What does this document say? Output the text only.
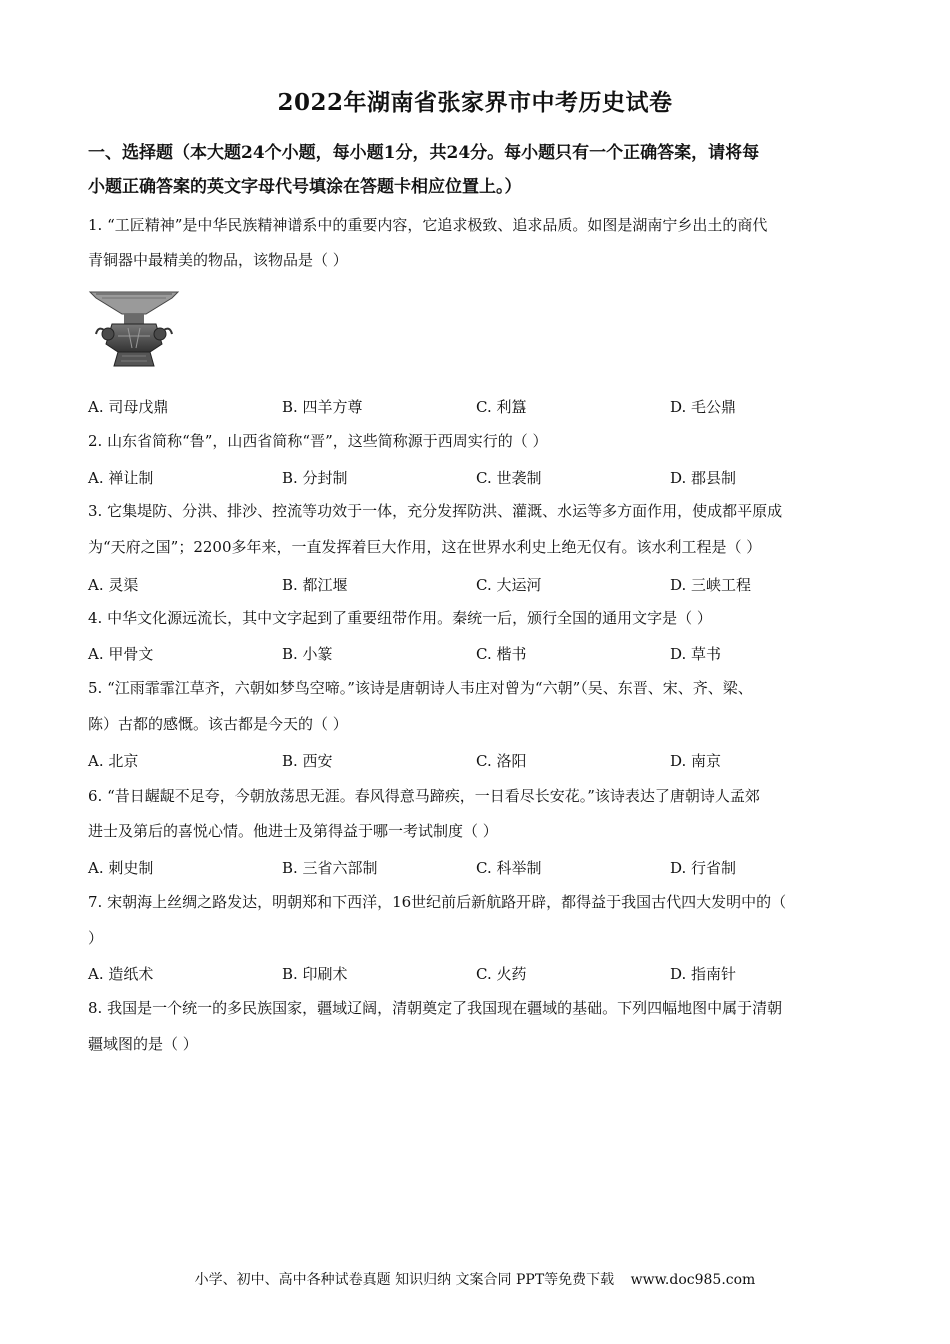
2022年湖南省张家界市中考历史试卷
一、选择题（本大题24个小题，每小题1分，共24分。每小题只有一个正确答案，请将每
小题正确答案的英文字母代号填涂在答题卡相应位置上。）
1. “工匠精神”是中华民族精神谱系中的重要内容，它追求极致、追求品质。如图是湖南宁乡出土的商代
青铜器中最精美的物品，该物品是（ ）
A. 司母戊鼎	B. 四羊方尊	C. 利簋	D. 毛公鼎
2. 山东省简称“鲁”，山西省简称“晋”，这些简称源于西周实行的（ ）
A. 禅让制	B. 分封制	C. 世袭制	D. 郡县制
3. 它集堤防、分洪、排沙、控流等功效于一体，充分发挥防洪、灌溉、水运等多方面作用，使成都平原成
为“天府之国”；2200多年来，一直发挥着巨大作用，这在世界水利史上绝无仅有。该水利工程是（ ）
A. 灵渠	B. 都江堰	C. 大运河	D. 三峡工程
4. 中华文化源远流长，其中文字起到了重要纽带作用。秦统一后，颁行全国的通用文字是（ ）
A. 甲骨文	B. 小篆	C. 楷书	D. 草书
5. “江雨霏霏江草齐，六朝如梦鸟空啼。”该诗是唐朝诗人韦庄对曾为“六朝”（吴、东晋、宋、齐、梁、
陈）古都的感慨。该古都是今天的（ ）
A. 北京	B. 西安	C. 洛阳	D. 南京
6. “昔日龌龊不足夸，今朝放荡思无涯。春风得意马蹄疾，一日看尽长安花。”该诗表达了唐朝诗人孟郊
进士及第后的喜悦心情。他进士及第得益于哪一考试制度（ ）
A. 刺史制	B. 三省六部制	C. 科举制	D. 行省制
7. 宋朝海上丝绸之路发达，明朝郑和下西洋，16世纪前后新航路开辟，都得益于我国古代四大发明中的（
）
A. 造纸术	B. 印刷术	C. 火药	D. 指南针
8. 我国是一个统一的多民族国家，疆域辽阔，清朝奠定了我国现在疆域的基础。下列四幅地图中属于清朝
疆域图的是（ ）
小学、初中、高中各种试卷真题 知识归纳 文案合同 PPT等免费下载 www.doc985.com
